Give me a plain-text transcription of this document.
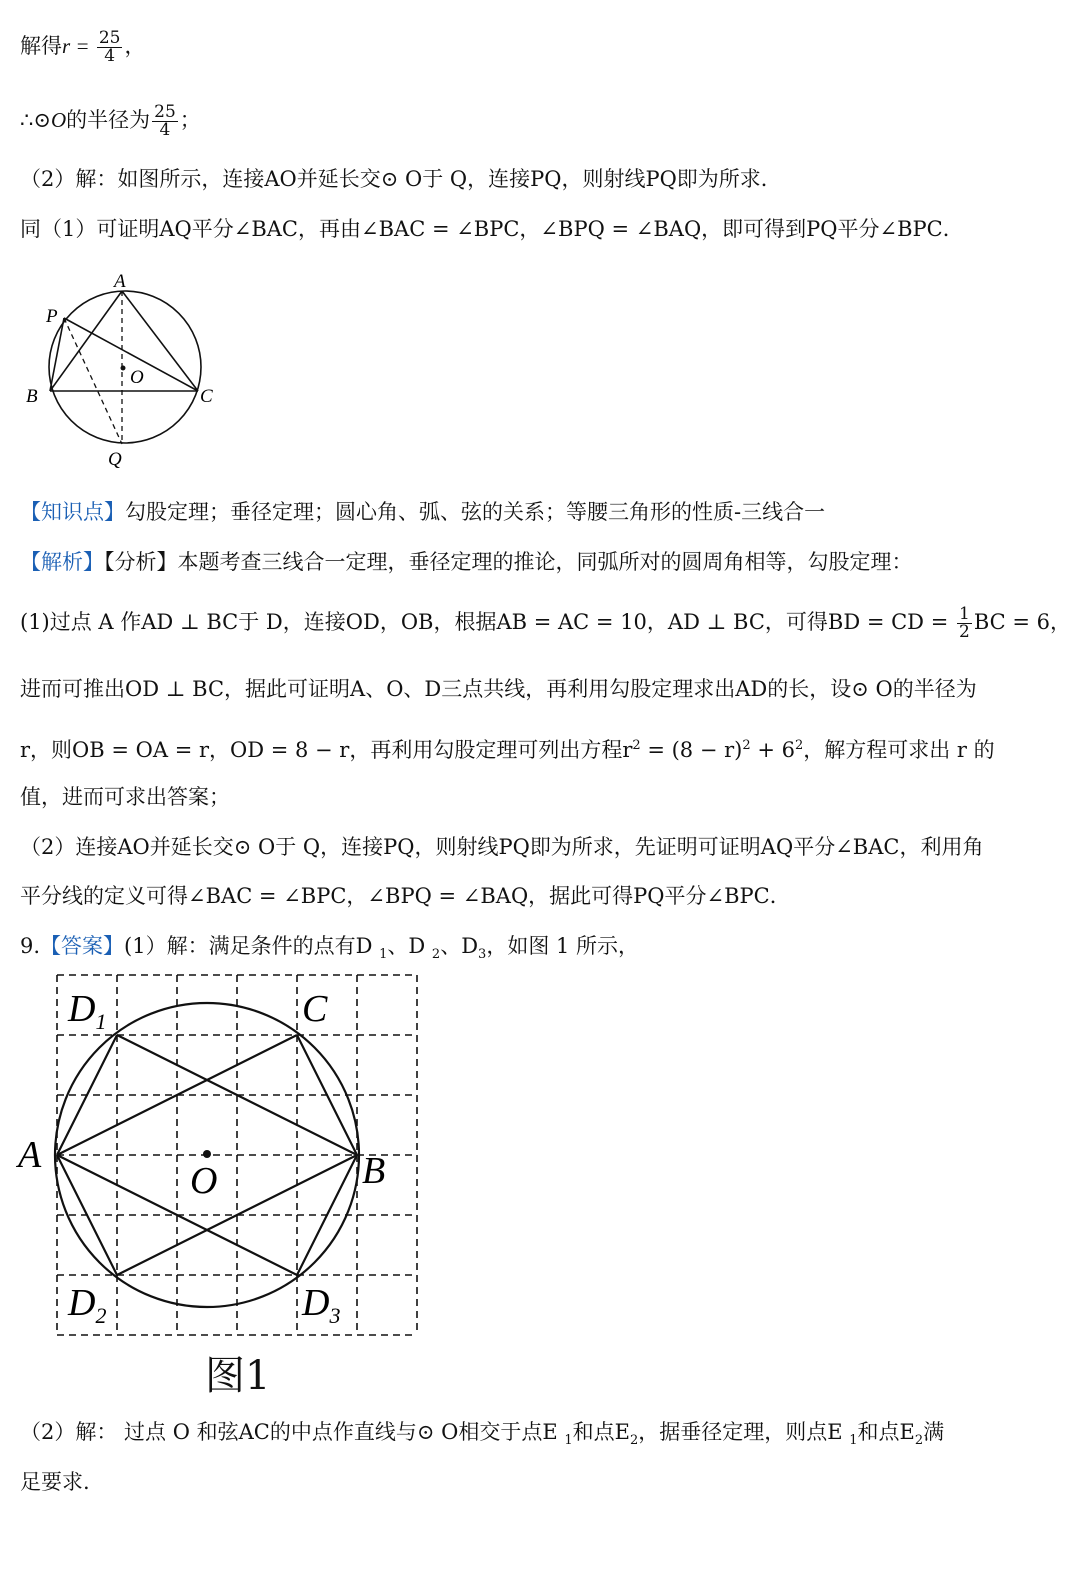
解得$r = \frac{25}{4}$ ，
∴⊙O的半径为 $\frac{25}{4}$ ；
（2）解：如图所示，连接AO并延长交⊙ O于 Q，连接PQ，则射线PQ即为所求．
同（1）可证明AQ平分∠BAC，再由∠BAC = ∠BPC，∠BPQ = ∠BAQ，即可得到PQ平分∠BPC．
A
P
O
B	C
Q
【知识点】勾股定理；垂径定理；圆心角、弧、弦的关系；等腰三角形的性质-三线合一
【解析】【分析】本题考查三线合一定理，垂径定理的推论，同弧所对的圆周角相等，勾股定理：
(1)过点 A 作AD ⊥ BC于 D，连接OD，OB，根据AB = AC = 10，AD ⊥ BC，可得BD = CD = $\frac{1}{2}$ BC = 6，
进而可推出OD ⊥ BC，据此可证明A、O、D三点共线，再利用勾股定理求出AD的长，设⊙ O的半径为
r，则OB = OA = r，OD = 8 − r，再利用勾股定理可列出方程$r^2 = (8 - r)^2 + 6^2$，解方程可求出 r 的
值，进而可求出答案；
（2）连接AO并延长交⊙ O于 Q，连接PQ，则射线PQ即为所求，先证明可证明AQ平分∠BAC，利用角
平分线的定义可得∠BAC = ∠BPC，∠BPQ = ∠BAQ，据此可得PQ平分∠BPC．
9.【答案】(1）解：满足条件的点有D $_1$、D $_2$、$D_3$，如图 1 所示，
$D_1$	C
A
O	B
$D_2$	$D_3$
图1
（2）解： 过点 O 和弦AC的中点作直线与⊙ O相交于点E $_1$和点$E_2$，据垂径定理，则点E $_1$和点$E_2$满
足要求.
